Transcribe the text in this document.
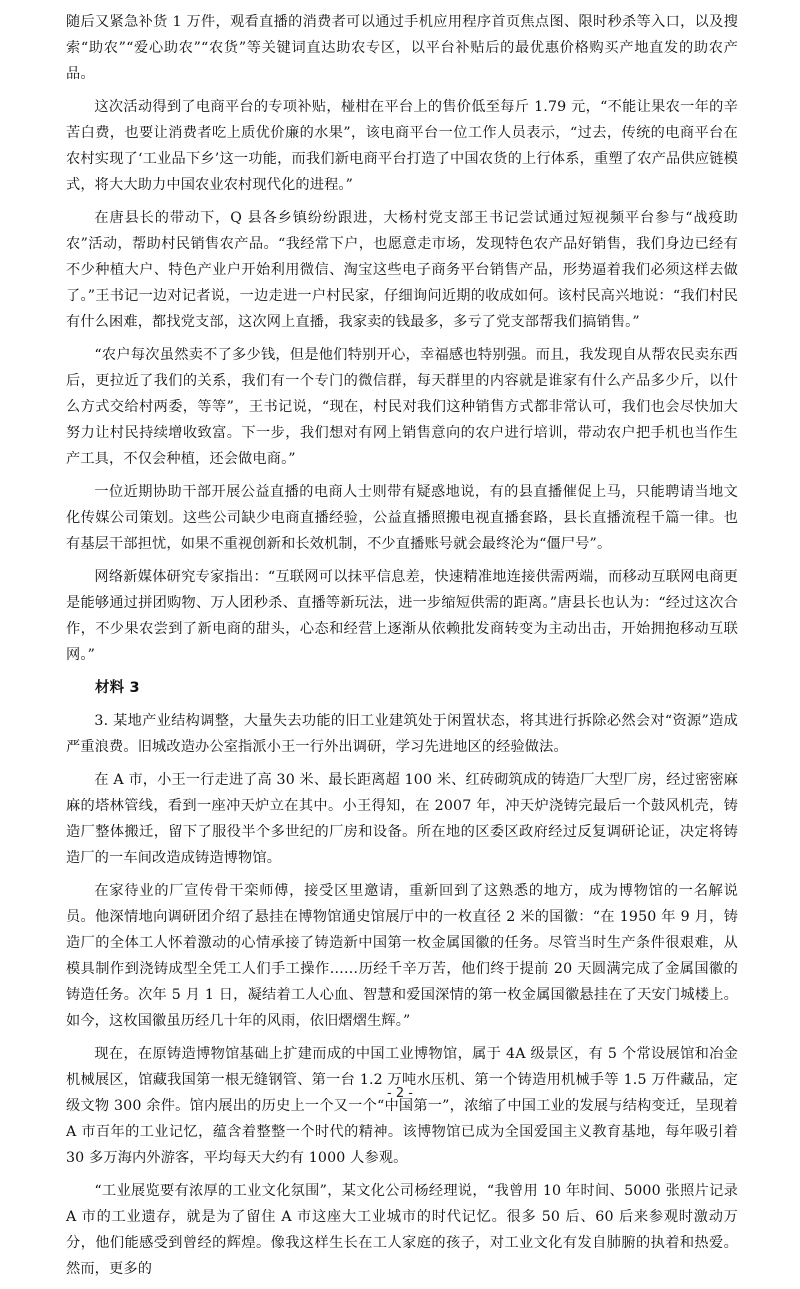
随后又紧急补货 1 万件，观看直播的消费者可以通过手机应用程序首页焦点图、限时秒杀等入口，以及搜索“助农”“爱心助农”“农货”等关键词直达助农专区，以平台补贴后的最优惠价格购买产地直发的助农产品。

这次活动得到了电商平台的专项补贴，椪柑在平台上的售价低至每斤 1.79 元，“不能让果农一年的辛苦白费，也要让消费者吃上质优价廉的水果”，该电商平台一位工作人员表示，“过去，传统的电商平台在农村实现了‘工业品下乡’这一功能，而我们新电商平台打造了中国农货的上行体系，重塑了农产品供应链模式，将大大助力中国农业农村现代化的进程。”

在唐县长的带动下，Q 县各乡镇纷纷跟进，大杨村党支部王书记尝试通过短视频平台参与“战疫助农”活动，帮助村民销售农产品。“我经常下户，也愿意走市场，发现特色农产品好销售，我们身边已经有不少种植大户、特色产业户开始利用微信、淘宝这些电子商务平台销售产品，形势逼着我们必须这样去做了。”王书记一边对记者说，一边走进一户村民家，仔细询问近期的收成如何。该村民高兴地说：“我们村民有什么困难，都找党支部，这次网上直播，我家卖的钱最多，多亏了党支部帮我们搞销售。”

“农户每次虽然卖不了多少钱，但是他们特别开心，幸福感也特别强。而且，我发现自从帮农民卖东西后，更拉近了我们的关系，我们有一个专门的微信群，每天群里的内容就是谁家有什么产品多少斤，以什么方式交给村两委，等等”，王书记说，“现在，村民对我们这种销售方式都非常认可，我们也会尽快加大努力让村民持续增收致富。下一步，我们想对有网上销售意向的农户进行培训，带动农户把手机也当作生产工具，不仅会种植，还会做电商。”

一位近期协助干部开展公益直播的电商人士则带有疑惑地说，有的县直播催促上马，只能聘请当地文化传媒公司策划。这些公司缺少电商直播经验，公益直播照搬电视直播套路，县长直播流程千篇一律。也有基层干部担忧，如果不重视创新和长效机制，不少直播账号就会最终沦为“僵尸号”。

网络新媒体研究专家指出：“互联网可以抹平信息差，快速精准地连接供需两端，而移动互联网电商更是能够通过拼团购物、万人团秒杀、直播等新玩法，进一步缩短供需的距离。”唐县长也认为：“经过这次合作，不少果农尝到了新电商的甜头，心态和经营上逐渐从依赖批发商转变为主动出击，开始拥抱移动互联网。”

材料 3

3. 某地产业结构调整，大量失去功能的旧工业建筑处于闲置状态，将其进行拆除必然会对“资源”造成严重浪费。旧城改造办公室指派小王一行外出调研，学习先进地区的经验做法。

在 A 市，小王一行走进了高 30 米、最长距离超 100 米、红砖砌筑成的铸造厂大型厂房，经过密密麻麻的塔林管线，看到一座冲天炉立在其中。小王得知，在 2007 年，冲天炉浇铸完最后一个鼓风机壳，铸造厂整体搬迁，留下了服役半个多世纪的厂房和设备。所在地的区委区政府经过反复调研论证，决定将铸造厂的一车间改造成铸造博物馆。

在家待业的厂宣传骨干栾师傅，接受区里邀请，重新回到了这熟悉的地方，成为博物馆的一名解说员。他深情地向调研团介绍了悬挂在博物馆通史馆展厅中的一枚直径 2 米的国徽：“在 1950 年 9 月，铸造厂的全体工人怀着激动的心情承接了铸造新中国第一枚金属国徽的任务。尽管当时生产条件很艰难，从模具制作到浇铸成型全凭工人们手工操作……历经千辛万苦，他们终于提前 20 天圆满完成了金属国徽的铸造任务。次年 5 月 1 日，凝结着工人心血、智慧和爱国深情的第一枚金属国徽悬挂在了天安门城楼上。如今，这枚国徽虽历经几十年的风雨，依旧熠熠生辉。”

现在，在原铸造博物馆基础上扩建而成的中国工业博物馆，属于 4A 级景区，有 5 个常设展馆和冶金机械展区，馆藏我国第一根无缝钢管、第一台 1.2 万吨水压机、第一个铸造用机械手等 1.5 万件藏品，定级文物 300 余件。馆内展出的历史上一个又一个“中国第一”，浓缩了中国工业的发展与结构变迁，呈现着 A 市百年的工业记忆，蕴含着整整一个时代的精神。该博物馆已成为全国爱国主义教育基地，每年吸引着 30 多万海内外游客，平均每天大约有 1000 人参观。

“工业展览要有浓厚的工业文化氛围”，某文化公司杨经理说，“我曾用 10 年时间、5000 张照片记录 A 市的工业遗存，就是为了留住 A 市这座大工业城市的时代记忆。很多 50 后、60 后来参观时激动万分，他们能感受到曾经的辉煌。像我这样生长在工人家庭的孩子，对工业文化有发自肺腑的执着和热爱。然而，更多的

- 2 -
